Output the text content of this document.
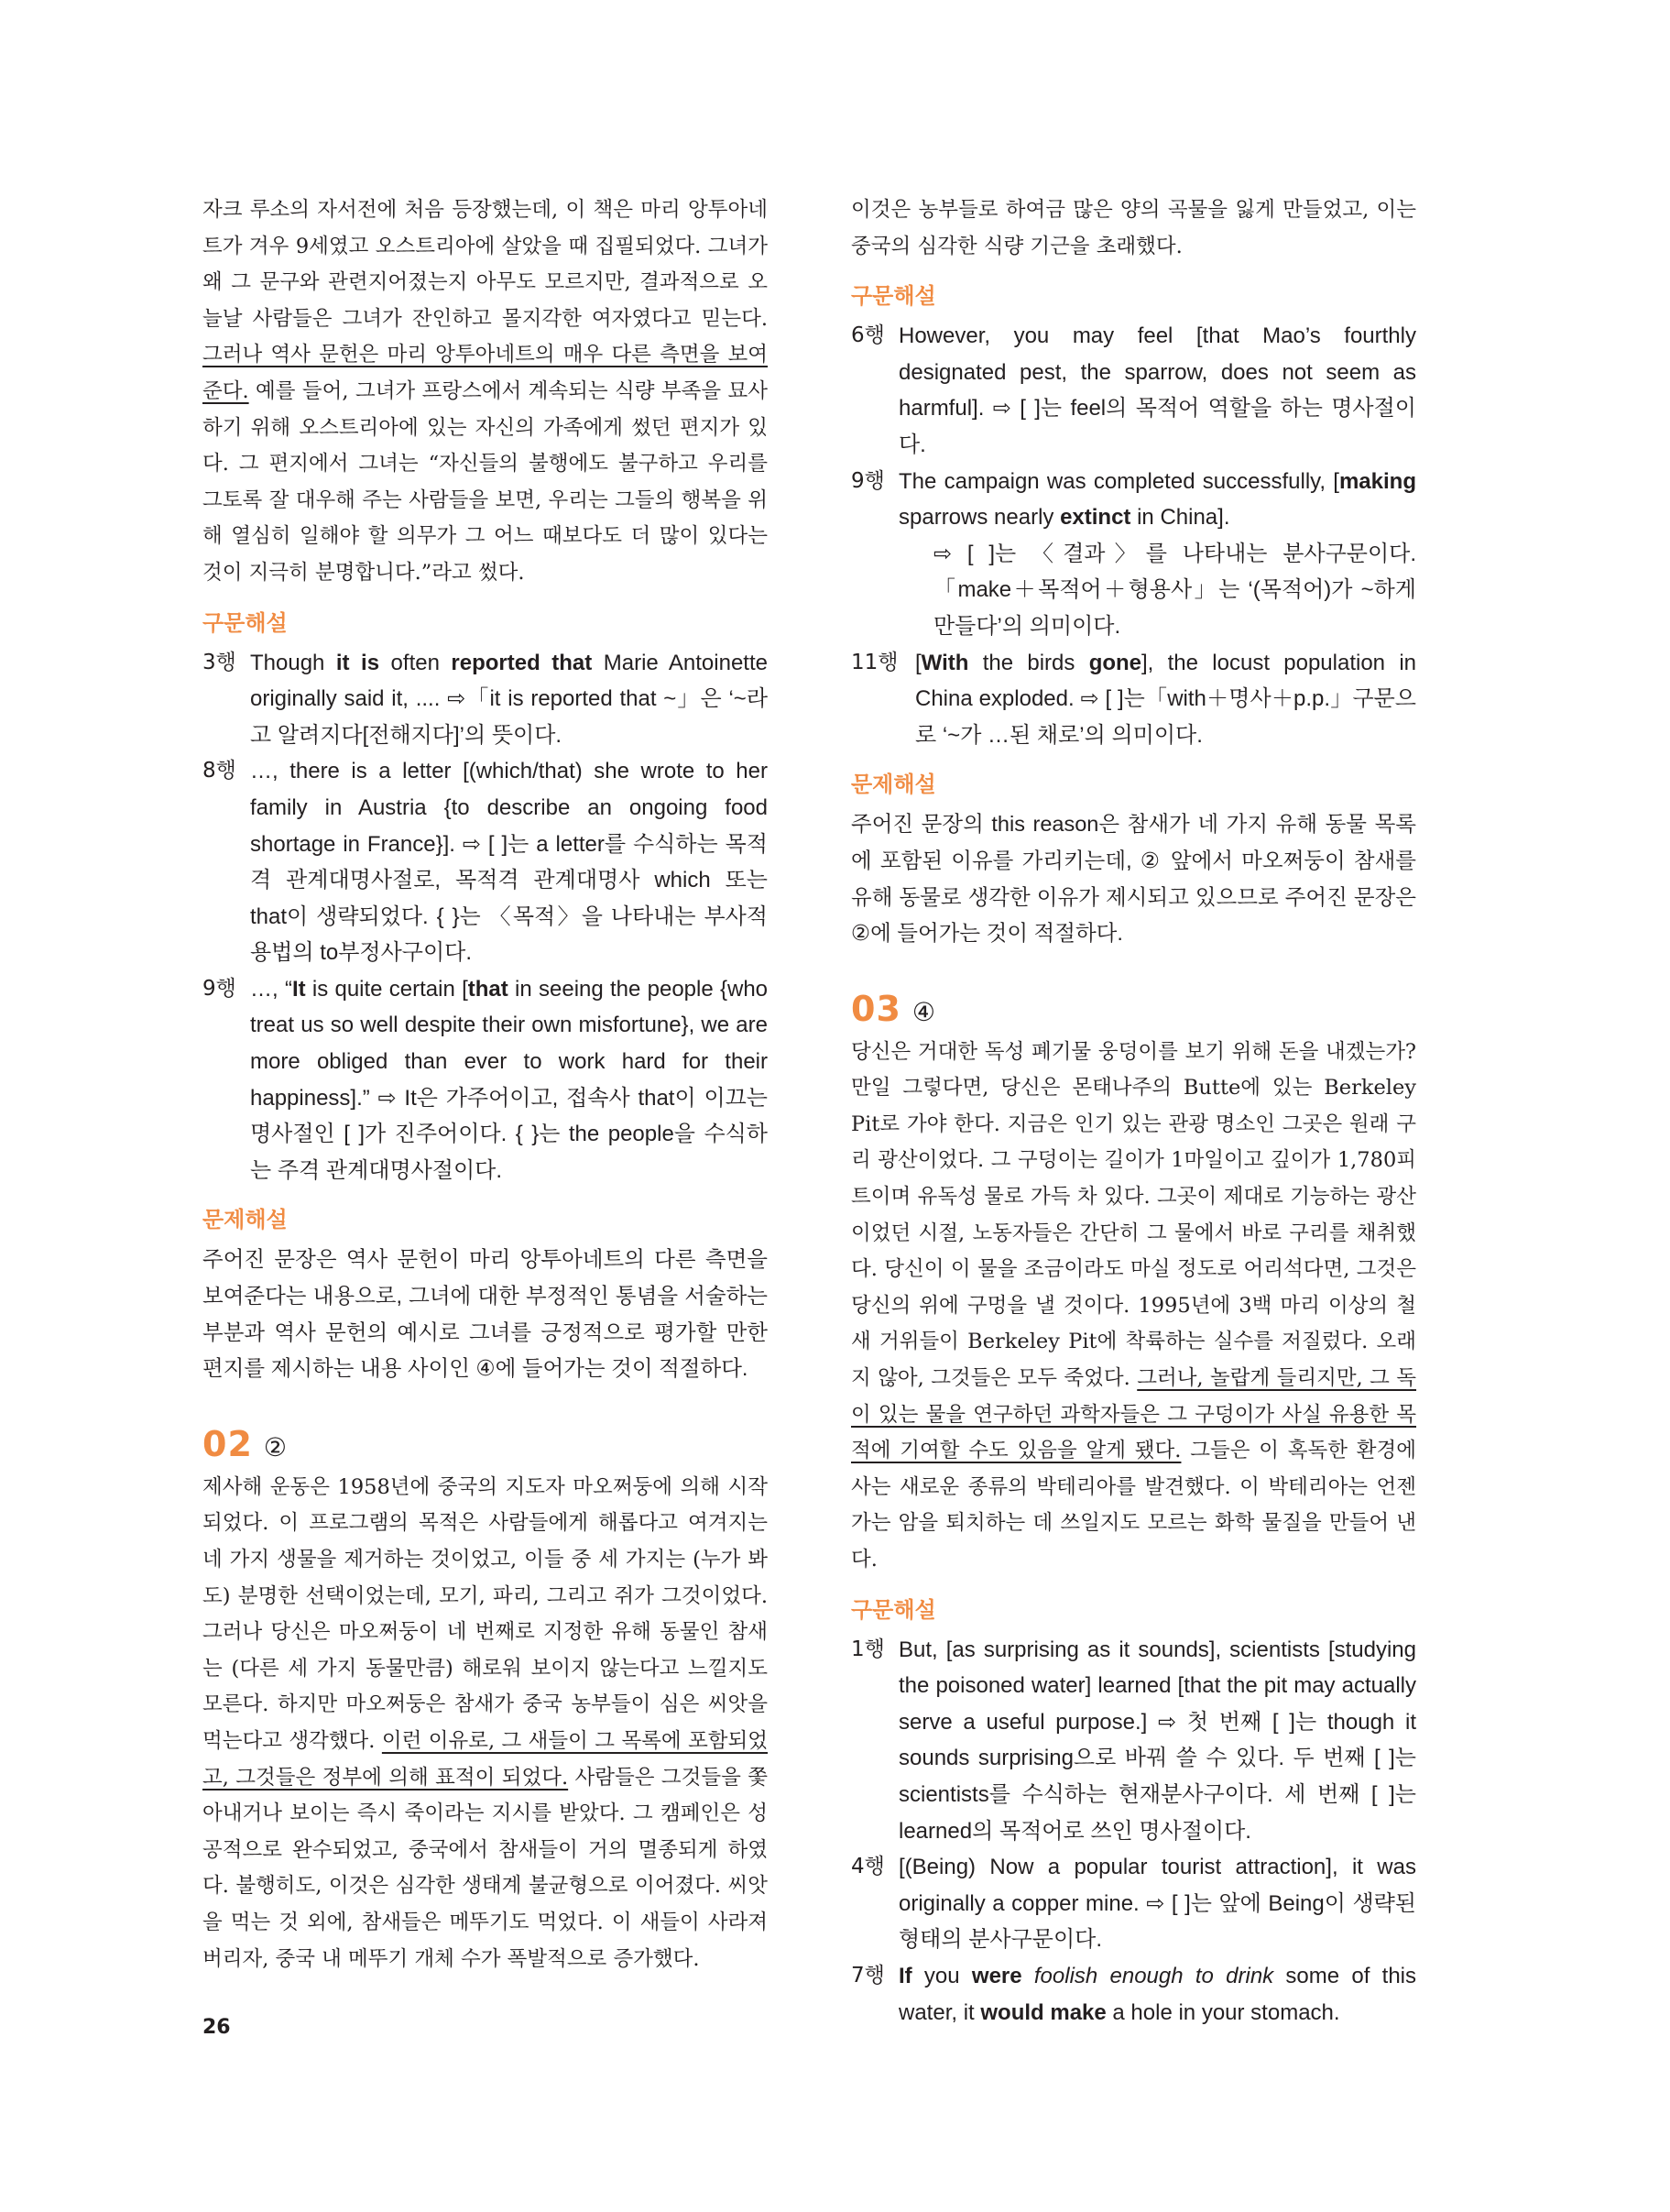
자크 루소의 자서전에 처음 등장했는데, 이 책은 마리 앙투아네트가 겨우 9세였고 오스트리아에 살았을 때 집필되었다. 그녀가 왜 그 문구와 관련지어졌는지 아무도 모르지만, 결과적으로 오늘날 사람들은 그녀가 잔인하고 몰지각한 여자였다고 믿는다. 그러나 역사 문헌은 마리 앙투아네트의 매우 다른 측면을 보여준다. 예를 들어, 그녀가 프랑스에서 계속되는 식량 부족을 묘사하기 위해 오스트리아에 있는 자신의 가족에게 썼던 편지가 있다. 그 편지에서 그녀는 “자신들의 불행에도 불구하고 우리를 그토록 잘 대우해 주는 사람들을 보면, 우리는 그들의 행복을 위해 열심히 일해야 할 의무가 그 어느 때보다도 더 많이 있다는 것이 지극히 분명합니다.”라고 썼다.

구문해설
3행 Though it is often reported that Marie Antoinette originally said it, .... ⇨「it is reported that ~」은 ‘~라고 알려지다[전해지다]’의 뜻이다.
8행 …, there is a letter [(which/that) she wrote to her family in Austria {to describe an ongoing food shortage in France}]. ⇨ [ ]는 a letter를 수식하는 목적격 관계대명사절로, 목적격 관계대명사 which 또는 that이 생략되었다. { }는 〈목적〉을 나타내는 부사적 용법의 to부정사구이다.
9행 …, “It is quite certain [that in seeing the people {who treat us so well despite their own misfortune}, we are more obliged than ever to work hard for their happiness].” ⇨ It은 가주어이고, 접속사 that이 이끄는 명사절인 [ ]가 진주어이다. { }는 the people을 수식하는 주격 관계대명사절이다.
문제해설

주어진 문장은 역사 문헌이 마리 앙투아네트의 다른 측면을 보여준다는 내용으로, 그녀에 대한 부정적인 통념을 서술하는 부분과 역사 문헌의 예시로 그녀를 긍정적으로 평가할 만한 편지를 제시하는 내용 사이인 ④에 들어가는 것이 적절하다.

02 ②

제사해 운동은 1958년에 중국의 지도자 마오쩌둥에 의해 시작되었다. 이 프로그램의 목적은 사람들에게 해롭다고 여겨지는 네 가지 생물을 제거하는 것이었고, 이들 중 세 가지는 (누가 봐도) 분명한 선택이었는데, 모기, 파리, 그리고 쥐가 그것이었다. 그러나 당신은 마오쩌둥이 네 번째로 지정한 유해 동물인 참새는 (다른 세 가지 동물만큼) 해로워 보이지 않는다고 느낄지도 모른다. 하지만 마오쩌둥은 참새가 중국 농부들이 심은 씨앗을 먹는다고 생각했다. 이런 이유로, 그 새들이 그 목록에 포함되었고, 그것들은 정부에 의해 표적이 되었다. 사람들은 그것들을 쫓아내거나 보이는 즉시 죽이라는 지시를 받았다. 그 캠페인은 성공적으로 완수되었고, 중국에서 참새들이 거의 멸종되게 하였다. 불행히도, 이것은 심각한 생태계 불균형으로 이어졌다. 씨앗을 먹는 것 외에, 참새들은 메뚜기도 먹었다. 이 새들이 사라져 버리자, 중국 내 메뚜기 개체 수가 폭발적으로 증가했다.

이것은 농부들로 하여금 많은 양의 곡물을 잃게 만들었고, 이는 중국의 심각한 식량 기근을 초래했다.

구문해설
6행 However, you may feel [that Mao’s fourthly designated pest, the sparrow, does not seem as harmful]. ⇨ [ ]는 feel의 목적어 역할을 하는 명사절이다.
9행 The campaign was completed successfully, [making sparrows nearly extinct in China].
⇨ [ ]는 〈결과〉를 나타내는 분사구문이다.「make＋목적어＋형용사」는 ‘(목적어)가 ~하게 만들다’의 의미이다.
11행 [With the birds gone], the locust population in China exploded. ⇨ [ ]는「with＋명사＋p.p.」구문으로 ‘~가 …된 채로’의 의미이다.
문제해설

주어진 문장의 this reason은 참새가 네 가지 유해 동물 목록에 포함된 이유를 가리키는데, ② 앞에서 마오쩌둥이 참새를 유해 동물로 생각한 이유가 제시되고 있으므로 주어진 문장은 ②에 들어가는 것이 적절하다.

03 ④

당신은 거대한 독성 폐기물 웅덩이를 보기 위해 돈을 내겠는가? 만일 그렇다면, 당신은 몬태나주의 Butte에 있는 Berkeley Pit로 가야 한다. 지금은 인기 있는 관광 명소인 그곳은 원래 구리 광산이었다. 그 구덩이는 길이가 1마일이고 깊이가 1,780피트이며 유독성 물로 가득 차 있다. 그곳이 제대로 기능하는 광산이었던 시절, 노동자들은 간단히 그 물에서 바로 구리를 채취했다. 당신이 이 물을 조금이라도 마실 정도로 어리석다면, 그것은 당신의 위에 구멍을 낼 것이다. 1995년에 3백 마리 이상의 철새 거위들이 Berkeley Pit에 착륙하는 실수를 저질렀다. 오래지 않아, 그것들은 모두 죽었다. 그러나, 놀랍게 들리지만, 그 독이 있는 물을 연구하던 과학자들은 그 구덩이가 사실 유용한 목적에 기여할 수도 있음을 알게 됐다. 그들은 이 혹독한 환경에 사는 새로운 종류의 박테리아를 발견했다. 이 박테리아는 언젠가는 암을 퇴치하는 데 쓰일지도 모르는 화학 물질을 만들어 낸다.

구문해설
1행 But, [as surprising as it sounds], scientists [studying the poisoned water] learned [that the pit may actually serve a useful purpose.] ⇨ 첫 번째 [ ]는 though it sounds surprising으로 바꿔 쓸 수 있다. 두 번째 [ ]는 scientists를 수식하는 현재분사구이다. 세 번째 [ ]는 learned의 목적어로 쓰인 명사절이다.
4행 [(Being) Now a popular tourist attraction], it was originally a copper mine. ⇨ [ ]는 앞에 Being이 생략된 형태의 분사구문이다.
7행 If you were foolish enough to drink some of this water, it would make a hole in your stomach.
26
